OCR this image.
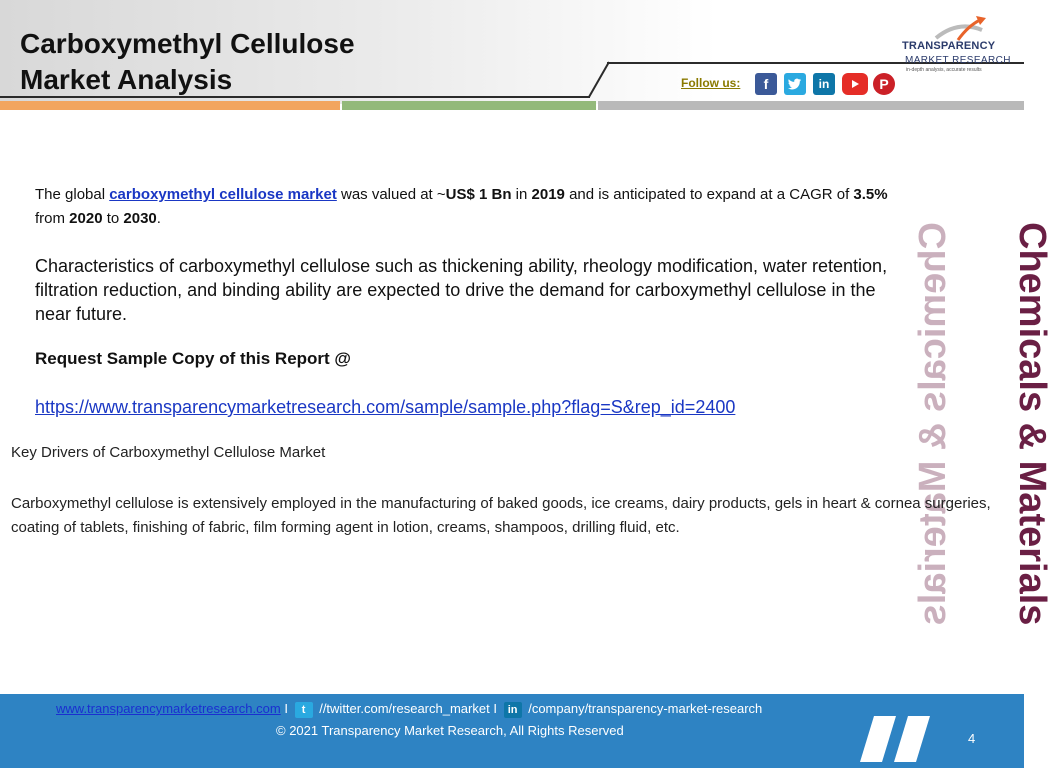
Carboxymethyl Cellulose
Market Analysis
TRANSPARENCY
MARKET RESEARCH
in-depth analysis, accurate results
Follow us:	f	in	P
The global carboxymethyl cellulose market was valued at ~US$ 1 Bn in 2019 and is anticipated to expand at a CAGR of 3.5% from 2020 to 2030.
Characteristics of carboxymethyl cellulose such as thickening ability, rheology modification, water retention, filtration reduction, and binding ability are expected to drive the demand for carboxymethyl cellulose in the near future.
Request Sample Copy of this Report @
https://www.transparencymarketresearch.com/sample/sample.php?flag=S&rep_id=2400
Key Drivers of Carboxymethyl Cellulose Market
Carboxymethyl cellulose is extensively employed in the manufacturing of baked goods, ice creams, dairy products, gels in heart & cornea surgeries, coating of tablets, finishing of fabric, film forming agent in lotion, creams, shampoos, drilling fluid, etc.	Chemicals & Materials Chemicals & Materials
www.transparencymarketresearch.com I t //twitter.com/research_market I in /company/transparency-market-research
© 2021 Transparency Market Research, All Rights Reserved
4
